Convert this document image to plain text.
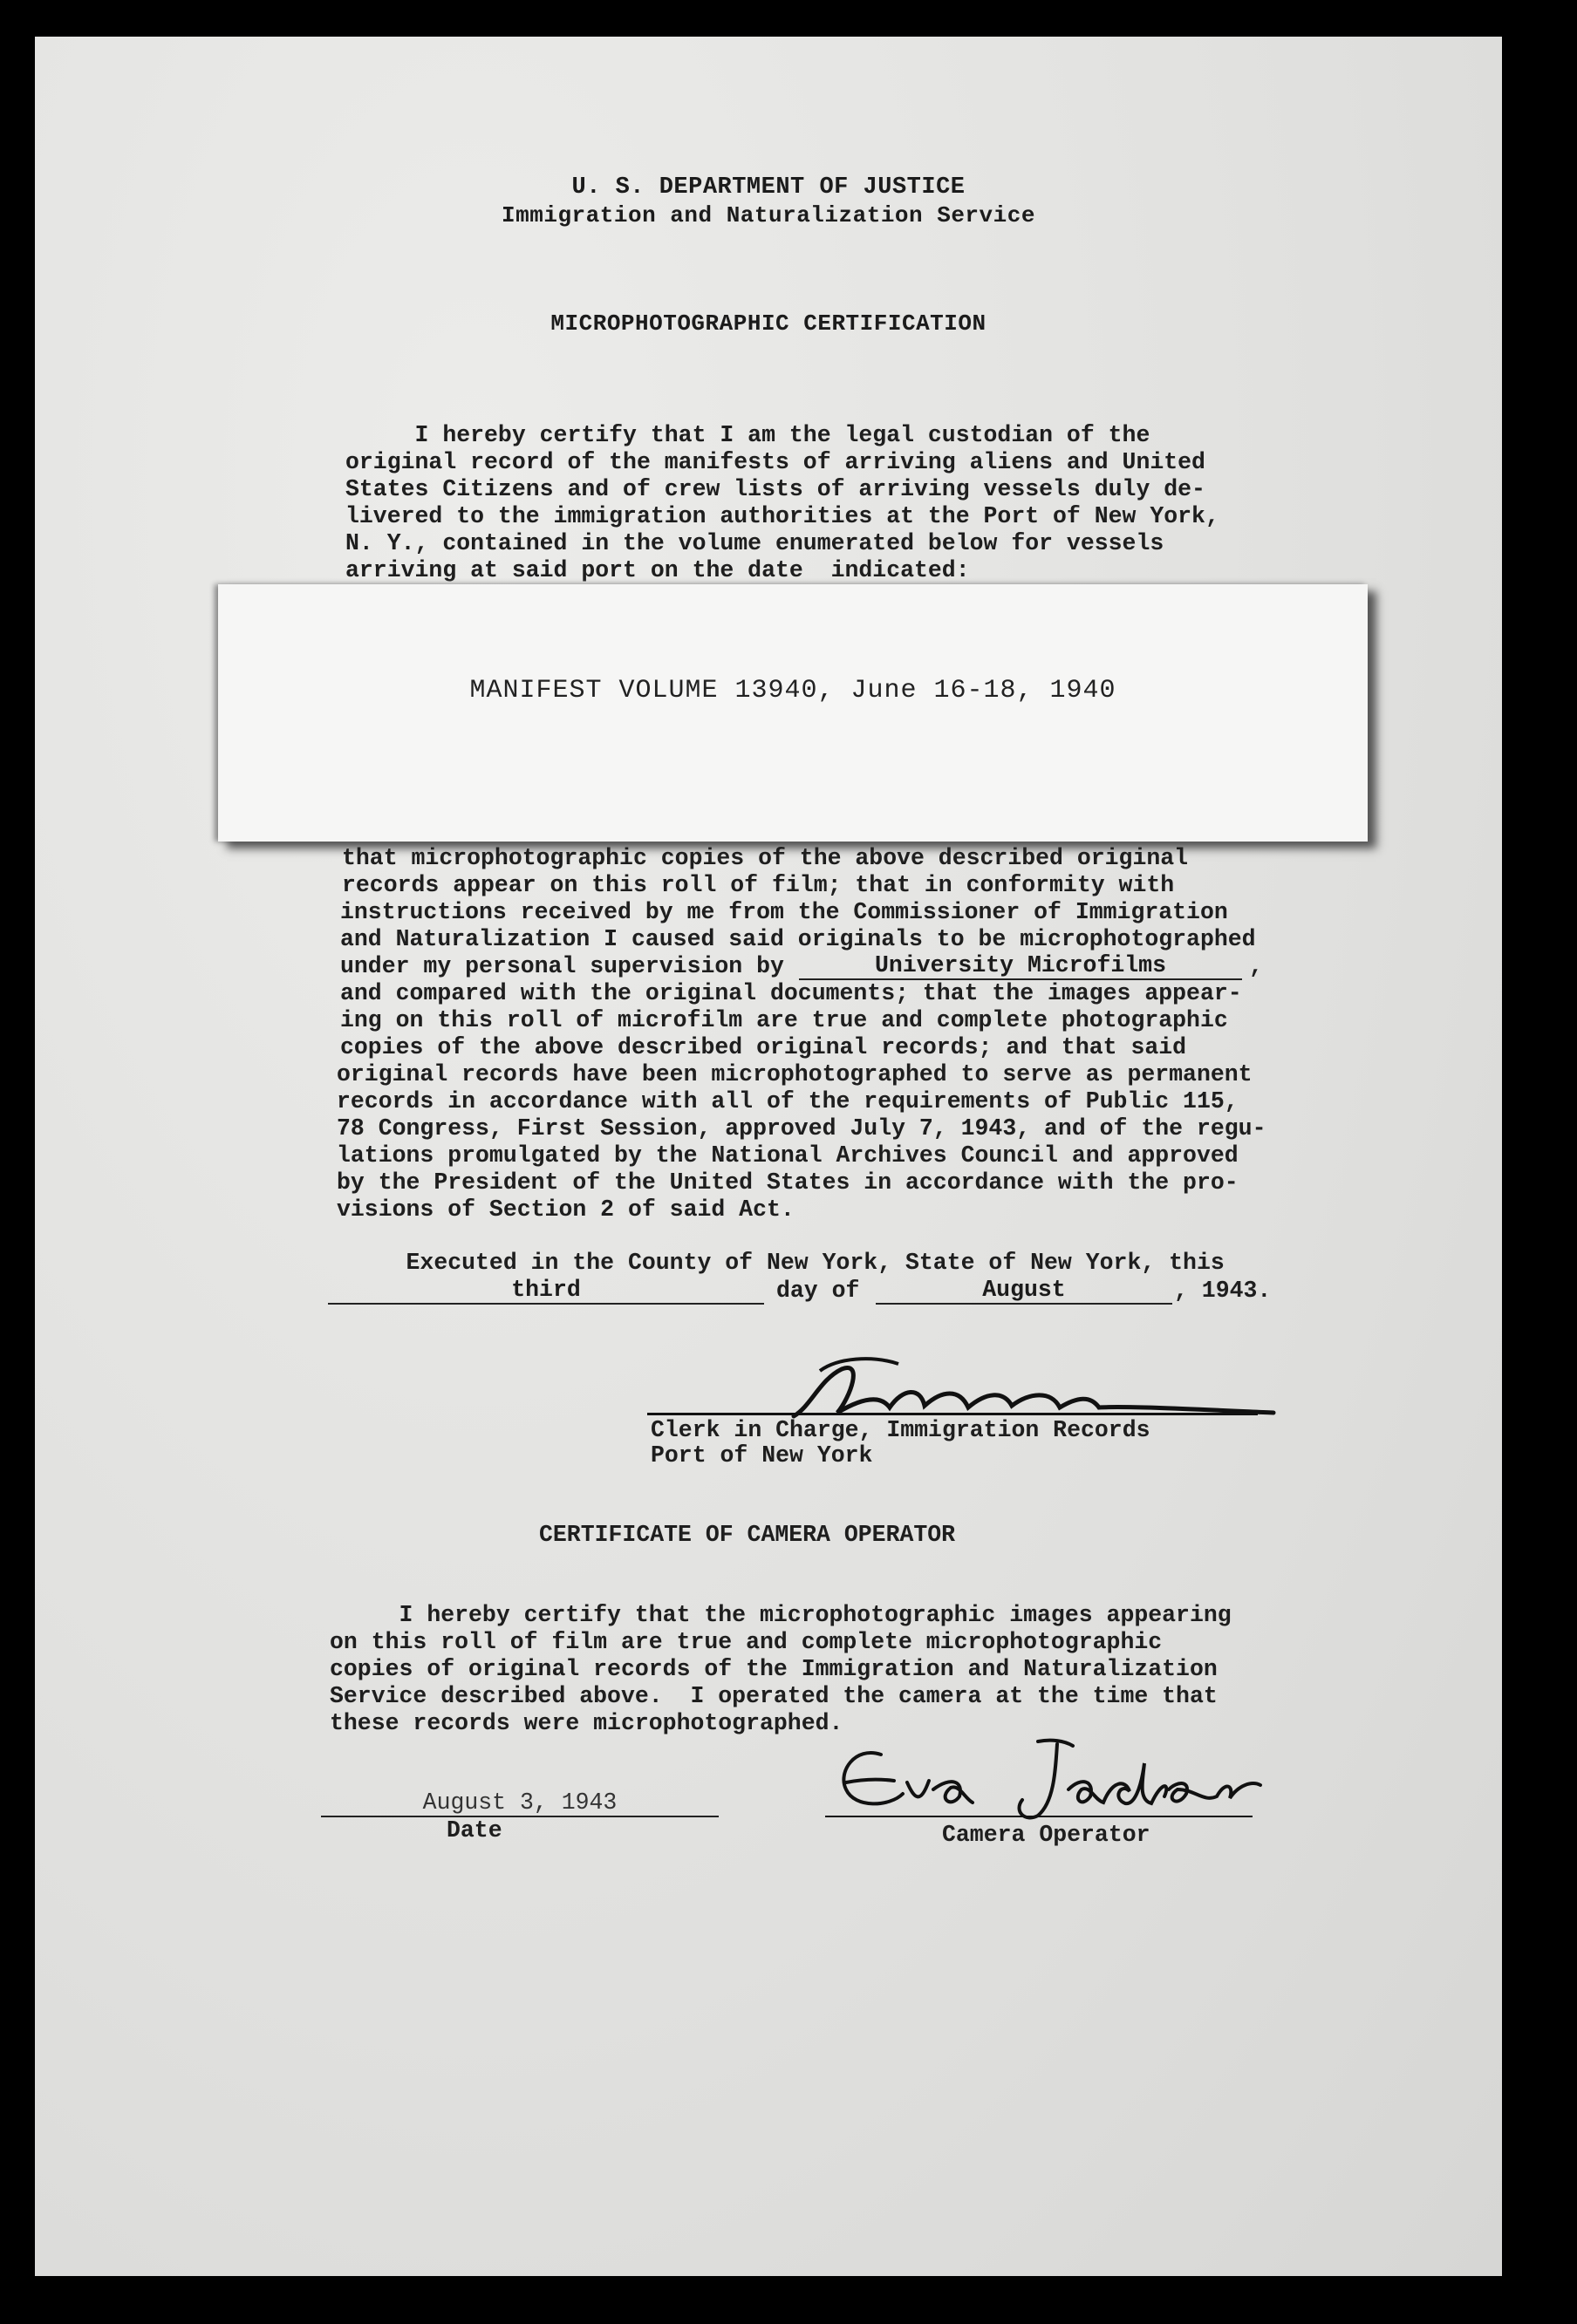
U. S. DEPARTMENT OF JUSTICE
Immigration and Naturalization Service
MICROPHOTOGRAPHIC CERTIFICATION
I hereby certify that I am the legal custodian of the
original record of the manifests of arriving aliens and United
States Citizens and of crew lists of arriving vessels duly de-
livered to the immigration authorities at the Port of New York,
N. Y., contained in the volume enumerated below for vessels
arriving at said port on the date  indicated:
MANIFEST VOLUME 13940, June 16-18, 1940
that microphotographic copies of the above described original
records appear on this roll of film; that in conformity with
instructions received by me from the Commissioner of Immigration
and Naturalization I caused said originals to be microphotographed
under my personal supervision by	University Microfilms	,
and compared with the original documents; that the images appear-
ing on this roll of microfilm are true and complete photographic
copies of the above described original records; and that said
original records have been microphotographed to serve as permanent
records in accordance with all of the requirements of Public 115,
78 Congress, First Session, approved July 7, 1943, and of the regu-
lations promulgated by the National Archives Council and approved
by the President of the United States in accordance with the pro-
visions of Section 2 of said Act.
Executed in the County of New York, State of New York, this
third	day of	August	, 1943.
Clerk in Charge, Immigration Records
Port of New York
CERTIFICATE OF CAMERA OPERATOR
I hereby certify that the microphotographic images appearing
on this roll of film are true and complete microphotographic
copies of original records of the Immigration and Naturalization
Service described above.  I operated the camera at the time that
these records were microphotographed.
August 3, 1943
Date	Camera Operator
